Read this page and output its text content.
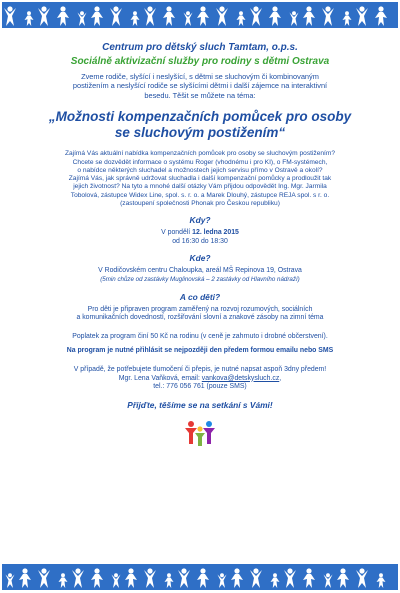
Centrum pro dětský sluch Tamtam, o.p.s.
Sociálně aktivizační služby pro rodiny s dětmi Ostrava
Zveme rodiče, slyšící i neslyšící, s dětmi se sluchovým či kombinovaným
postižením a neslyšící rodiče se slyšícími dětmi i další zájemce na interaktivní
besedu. Těšit se můžete na téma:
„Možnosti kompenzačních pomůcek pro osoby
se sluchovým postižením“
Zajímá Vás aktuální nabídka kompenzačních pomůcek pro osoby se sluchovým postižením?
Chcete se dozvědět informace o systému Roger (vhodnému i pro KI), o FM-systémech,
o nabídce některých sluchadel a možnostech jejich servisu přímo v Ostravě a okolí?
Zajímá Vás, jak správně udržovat sluchadla i další kompenzační pomůcky a prodloužit tak
jejich životnost? Na tyto a mnohé další otázky Vám přijdou odpovědět Ing. Mgr. Jarmila
Tobolová, zástupce Widex Line, spol. s. r. o. a Marek Dlouhý, zástupce REJA spol. s r. o.
(zastoupení společnosti Phonak pro Českou republiku)
Kdy?
V pondělí 12. ledna 2015
od 16:30 do 18:30
Kde?
V Rodičovském centru Chaloupka, areál MŠ Repinova 19, Ostrava
(5min chůze od zastávky Muglinovská – 2 zastávky od Hlavního nádraží)
A co děti?
Pro děti je připraven program zaměřený na rozvoj rozumových, sociálních
a komunikačních dovedností, rozšiřování slovní a znakové zásoby na zimní téma
Poplatek za program činí 50 Kč na rodinu (v ceně je zahrnuto i drobné občerstvení).
Na program je nutné přihlásit se nejpozději den předem formou emailu nebo SMS
V případě, že potřebujete tlumočení či přepis, je nutné napsat aspoň 3dny předem!
Mgr. Lena Vaňková, email: vankova@detskysluch.cz,
tel.: 776 056 761 (pouze SMS)
Přijďte, těšíme se na setkání s Vámi!
